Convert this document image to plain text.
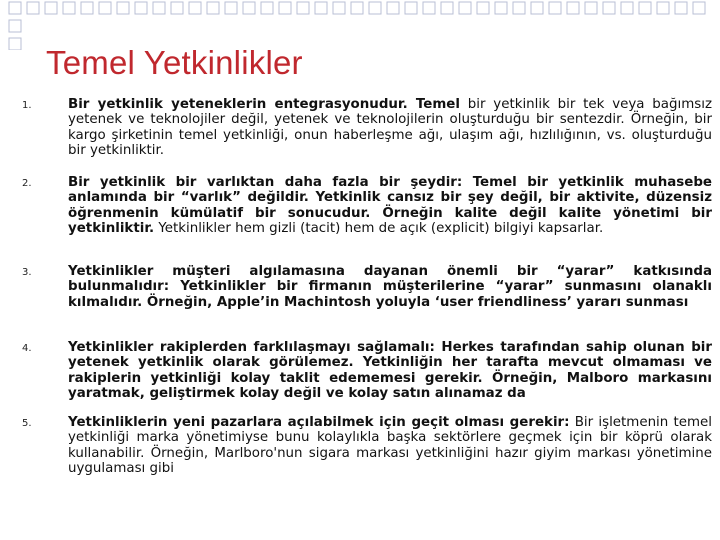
Temel Yetkinlikler
1.	Bir yetkinlik yeteneklerin entegrasyonudur. Temel bir yetkinlik bir tek veya bağımsız yetenek ve teknolojiler değil, yetenek ve teknolojilerin oluşturduğu bir sentezdir. Örneğin, bir kargo şirketinin temel yetkinliği, onun haberleşme ağı, ulaşım ağı, hızlılığının, vs. oluşturduğu bir yetkinliktir.
2.	Bir yetkinlik bir varlıktan daha fazla bir şeydir: Temel bir yetkinlik muhasebe anlamında bir “varlık” değildir. Yetkinlik cansız bir şey değil, bir aktivite, düzensiz öğrenmenin kümülatif bir sonucudur. Örneğin kalite değil kalite yönetimi bir yetkinliktir. Yetkinlikler hem gizli (tacit) hem de açık (explicit) bilgiyi kapsarlar.
3.	Yetkinlikler müşteri algılamasına dayanan önemli bir “yarar” katkısında bulunmalıdır: Yetkinlikler bir firmanın müşterilerine “yarar” sunmasını olanaklı kılmalıdır. Örneğin, Apple’in Machintosh yoluyla ‘user friendliness’ yararı sunması
4.	Yetkinlikler rakiplerden farklılaşmayı sağlamalı: Herkes tarafından sahip olunan bir yetenek yetkinlik olarak görülemez. Yetkinliğin her tarafta mevcut olmaması ve rakiplerin yetkinliği kolay taklit edememesi gerekir. Örneğin, Malboro markasını yaratmak, geliştirmek kolay değil ve kolay satın alınamaz da
5.	Yetkinliklerin yeni pazarlara açılabilmek için geçit olması gerekir: Bir işletmenin temel yetkinliği marka yönetimiyse bunu kolaylıkla başka sektörlere geçmek için bir köprü olarak kullanabilir. Örneğin, Marlboro'nun sigara markası yetkinliğini hazır giyim markası yönetimine uygulaması gibi
